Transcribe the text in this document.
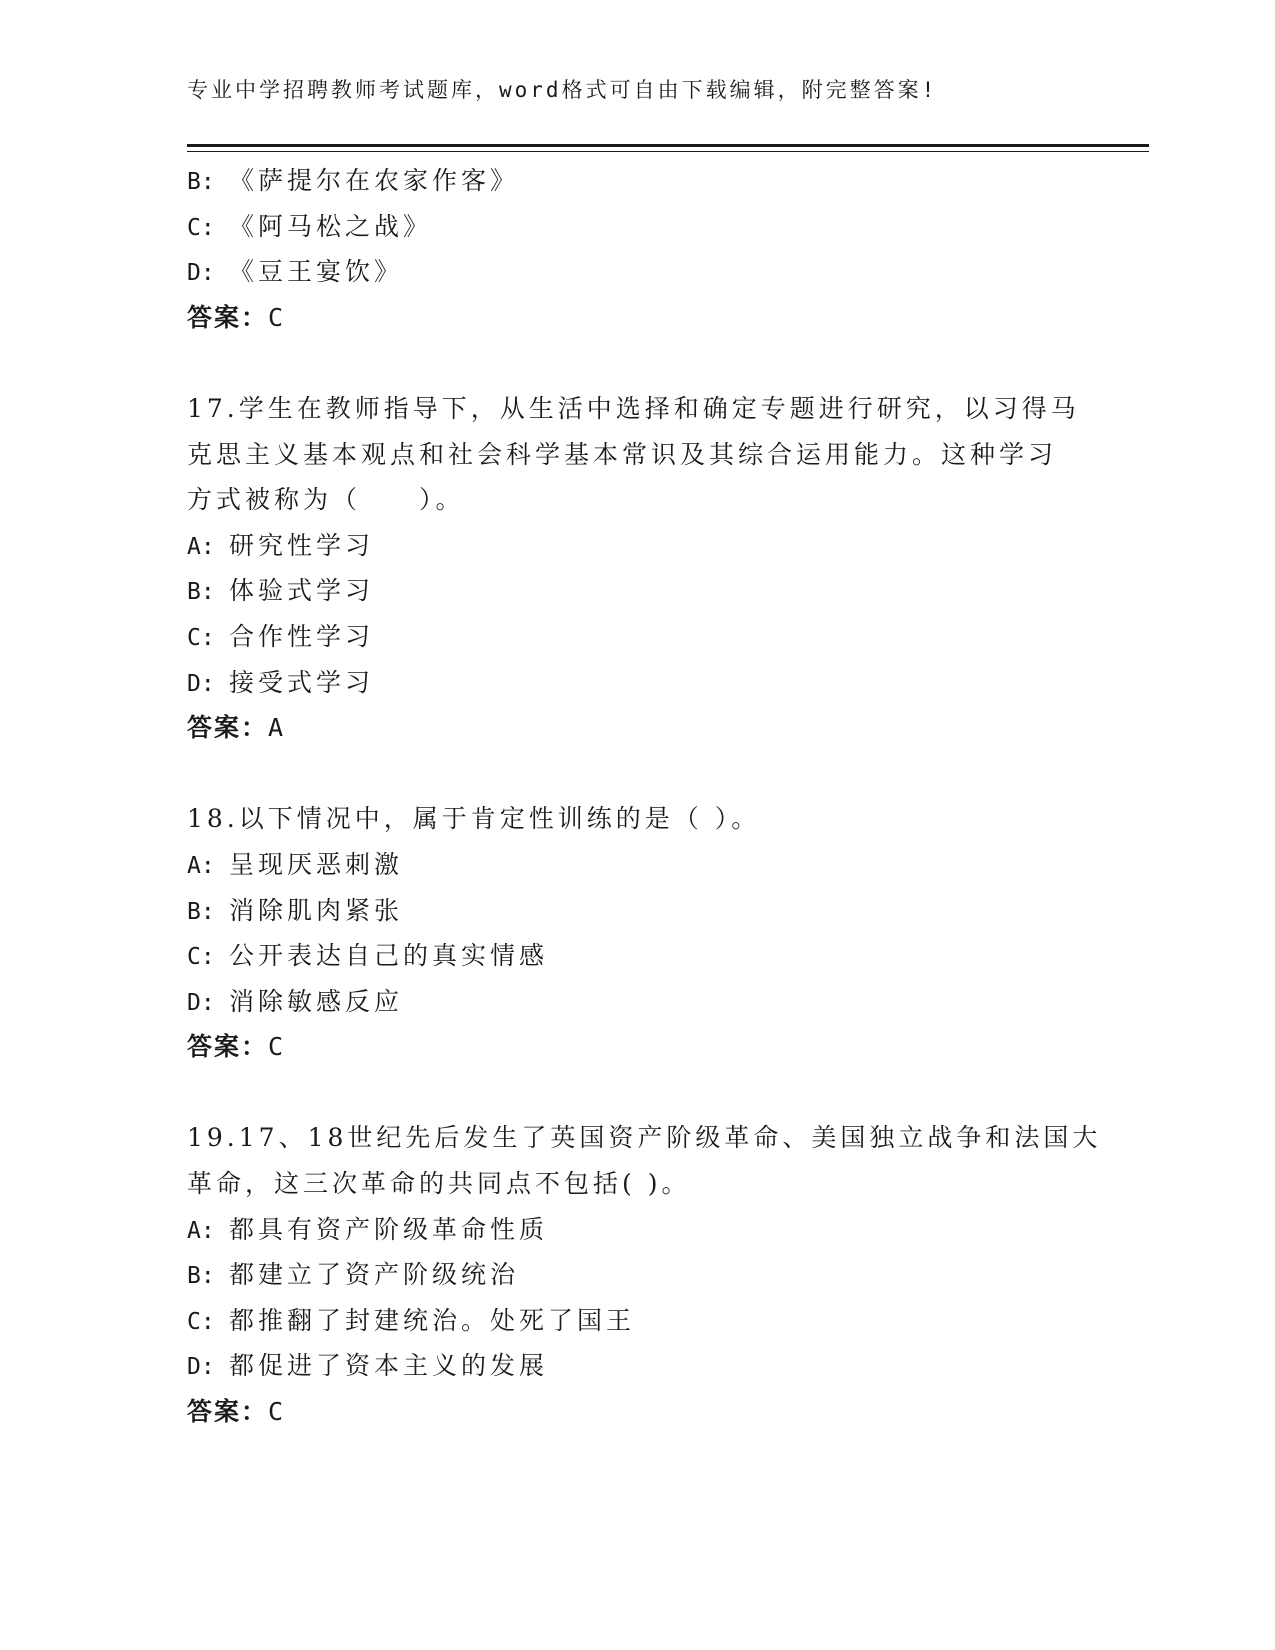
专业中学招聘教师考试题库，word格式可自由下载编辑，附完整答案!
B: 《萨提尔在农家作客》
C: 《阿马松之战》
D: 《豆王宴饮》
答案：C
17.学生在教师指导下，从生活中选择和确定专题进行研究，以习得马
克思主义基本观点和社会科学基本常识及其综合运用能力。这种学习
方式被称为（　　）。
A: 研究性学习
B: 体验式学习
C: 合作性学习
D: 接受式学习
答案：A
18.以下情况中，属于肯定性训练的是（ ）。
A: 呈现厌恶刺激
B: 消除肌肉紧张
C: 公开表达自己的真实情感
D: 消除敏感反应
答案：C
19.17、18世纪先后发生了英国资产阶级革命、美国独立战争和法国大
革命，这三次革命的共同点不包括( )。
A: 都具有资产阶级革命性质
B: 都建立了资产阶级统治
C: 都推翻了封建统治。处死了国王
D: 都促进了资本主义的发展
答案：C
